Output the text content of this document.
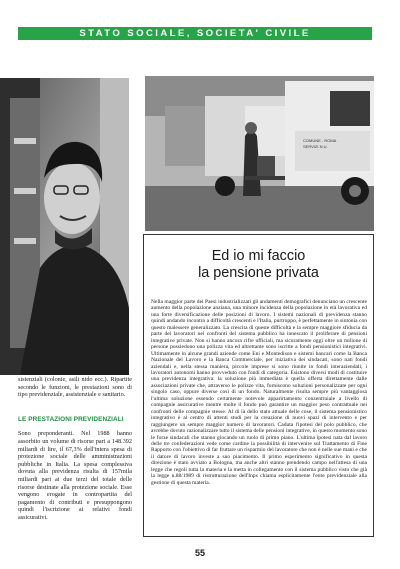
STATO SOCIALE, SOCIETA' CIVILE
COMUNE - ROMA
SERVIZI N.U.

sistenziali (colonie, asili nido ecc.). Ripartite secondo le funzioni, le prestazioni sono di tipo previdenziale, assistenziale e sanitario.

LE PRESTAZIONI PREVIDENZIALI

Sono preponderanti. Nel 1988 hanno assorbito un volume di risorse pari a 148.392 miliardi di lire, il 67,3% dell'intera spesa di protezione sociale delle amministrazioni pubbliche in Italia. La spesa complessiva dovuta alla previdenza risulta di 157mila miliardi pari ai due terzi del totale delle risorse destinate alla protezione sociale. Esse vengono erogate in contropartita del pagamento di contributi e presuppongono quindi l'iscrizione ai relativi fondi assicurativi.

Ed io mi faccio
la pensione privata

Nella maggior parte dei Paesi industrializzati gli andamenti demografici denunciano un crescente aumento della popolazione anziana, una minore incidenza della popolazione in età lavorativa ed una forte diversificazione delle posizioni di lavoro. I sistemi nazionali di previdenza stanno quindi andando incontro a difficoltà crescenti e l'Italia, purtroppo, è perfettamente in sintonia con questo malessere generalizzato. La crescita di queste difficoltà e la sempre maggiore sfiducia da parte dei lavoratori nei confronti del sistema pubblico ha innescato il proliferare di pensioni integrative private. Non si hanno ancora cifre ufficiali, ma sicuramente oggi oltre un milione di persone possiedono una polizza vita ed altrettante sono iscritte a fondi pensionistici integrativi. Ultimamente in alcune grandi aziende come Eni e Montedison e sistemi bancari come la Banca Nazionale del Lavoro e la Banca Commerciale, per iniziativa dei sindacati, sono nati fondi aziendali e, nella stessa maniera, piccole imprese si sono riunite in fondi interaziendali; i lavoratori autonomi hanno provveduto con fondi di categoria. Esistono diversi modi di costituire una previdenza integrativa: la soluzione più immediata è quella offerta direttamente dalle associazioni private che, attraverso le polizze vita, forniscono soluzioni personalizzate per ogni singolo caso, oppure diverse così di un fondo. Naturalmente risulta sempre più vantaggiosa l'ultima soluzione essendo certamente notevole apparirtamento conzentruiale a livello di compagnie assicurative mentre molte il fondo può garantire un maggior peso contrattuale nei confronti delle compagnie stesse. Al di là dello stato attuale delle cose, il sistema pensionistico integrativo è al centro di attenti studi per la creazione di nuovi spazi di intervento e per raggiungere un sempre maggior numero di lavoratori. Caduta l'ipotesi del polo pubblico, che avrebbe dovuto razionalizzare tutto il sistema delle pensioni integrative, in questo momento sono le forze sindacali che stanno giocando un ruolo di primo piano. L'ultima ipotesi nata dal lavoro delle tre confederazioni vede come cardine la possibilità di intervenire sul Trattamento di Fine Rapporto con l'obiettivo di far fruttare un risparmio del lavoratore che non è nelle sue mani e che il datore di lavoro investe a suo piacimento. Il primo esperimento significativo in questa direzione è stato avviato a Bologna, ma anche altri stanno prendendo campo nell'attesa di una legge che regoli tutta la materia e la metta in collegamento con il sistema pubblico visto che già la legge n.88/1989 di ristrutturazione dell'Inps chiama esplicitamente l'ente previdenziale alla gestione di questa materia.

55
